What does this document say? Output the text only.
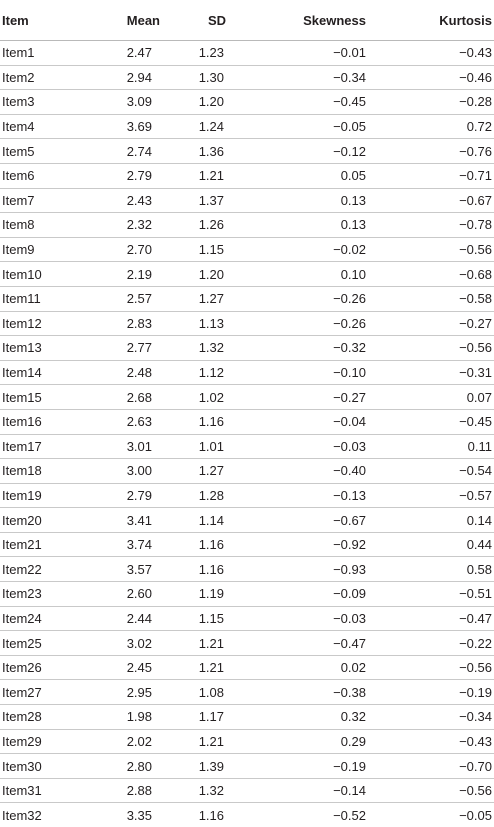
Item	Mean	SD	Skewness	Kurtosis
Item1	2.47	1.23	−0.01	−0.43
Item2	2.94	1.30	−0.34	−0.46
Item3	3.09	1.20	−0.45	−0.28
Item4	3.69	1.24	−0.05	0.72
Item5	2.74	1.36	−0.12	−0.76
Item6	2.79	1.21	0.05	−0.71
Item7	2.43	1.37	0.13	−0.67
Item8	2.32	1.26	0.13	−0.78
Item9	2.70	1.15	−0.02	−0.56
Item10	2.19	1.20	0.10	−0.68
Item11	2.57	1.27	−0.26	−0.58
Item12	2.83	1.13	−0.26	−0.27
Item13	2.77	1.32	−0.32	−0.56
Item14	2.48	1.12	−0.10	−0.31
Item15	2.68	1.02	−0.27	0.07
Item16	2.63	1.16	−0.04	−0.45
Item17	3.01	1.01	−0.03	0.11
Item18	3.00	1.27	−0.40	−0.54
Item19	2.79	1.28	−0.13	−0.57
Item20	3.41	1.14	−0.67	0.14
Item21	3.74	1.16	−0.92	0.44
Item22	3.57	1.16	−0.93	0.58
Item23	2.60	1.19	−0.09	−0.51
Item24	2.44	1.15	−0.03	−0.47
Item25	3.02	1.21	−0.47	−0.22
Item26	2.45	1.21	0.02	−0.56
Item27	2.95	1.08	−0.38	−0.19
Item28	1.98	1.17	0.32	−0.34
Item29	2.02	1.21	0.29	−0.43
Item30	2.80	1.39	−0.19	−0.70
Item31	2.88	1.32	−0.14	−0.56
Item32	3.35	1.16	−0.52	−0.05
